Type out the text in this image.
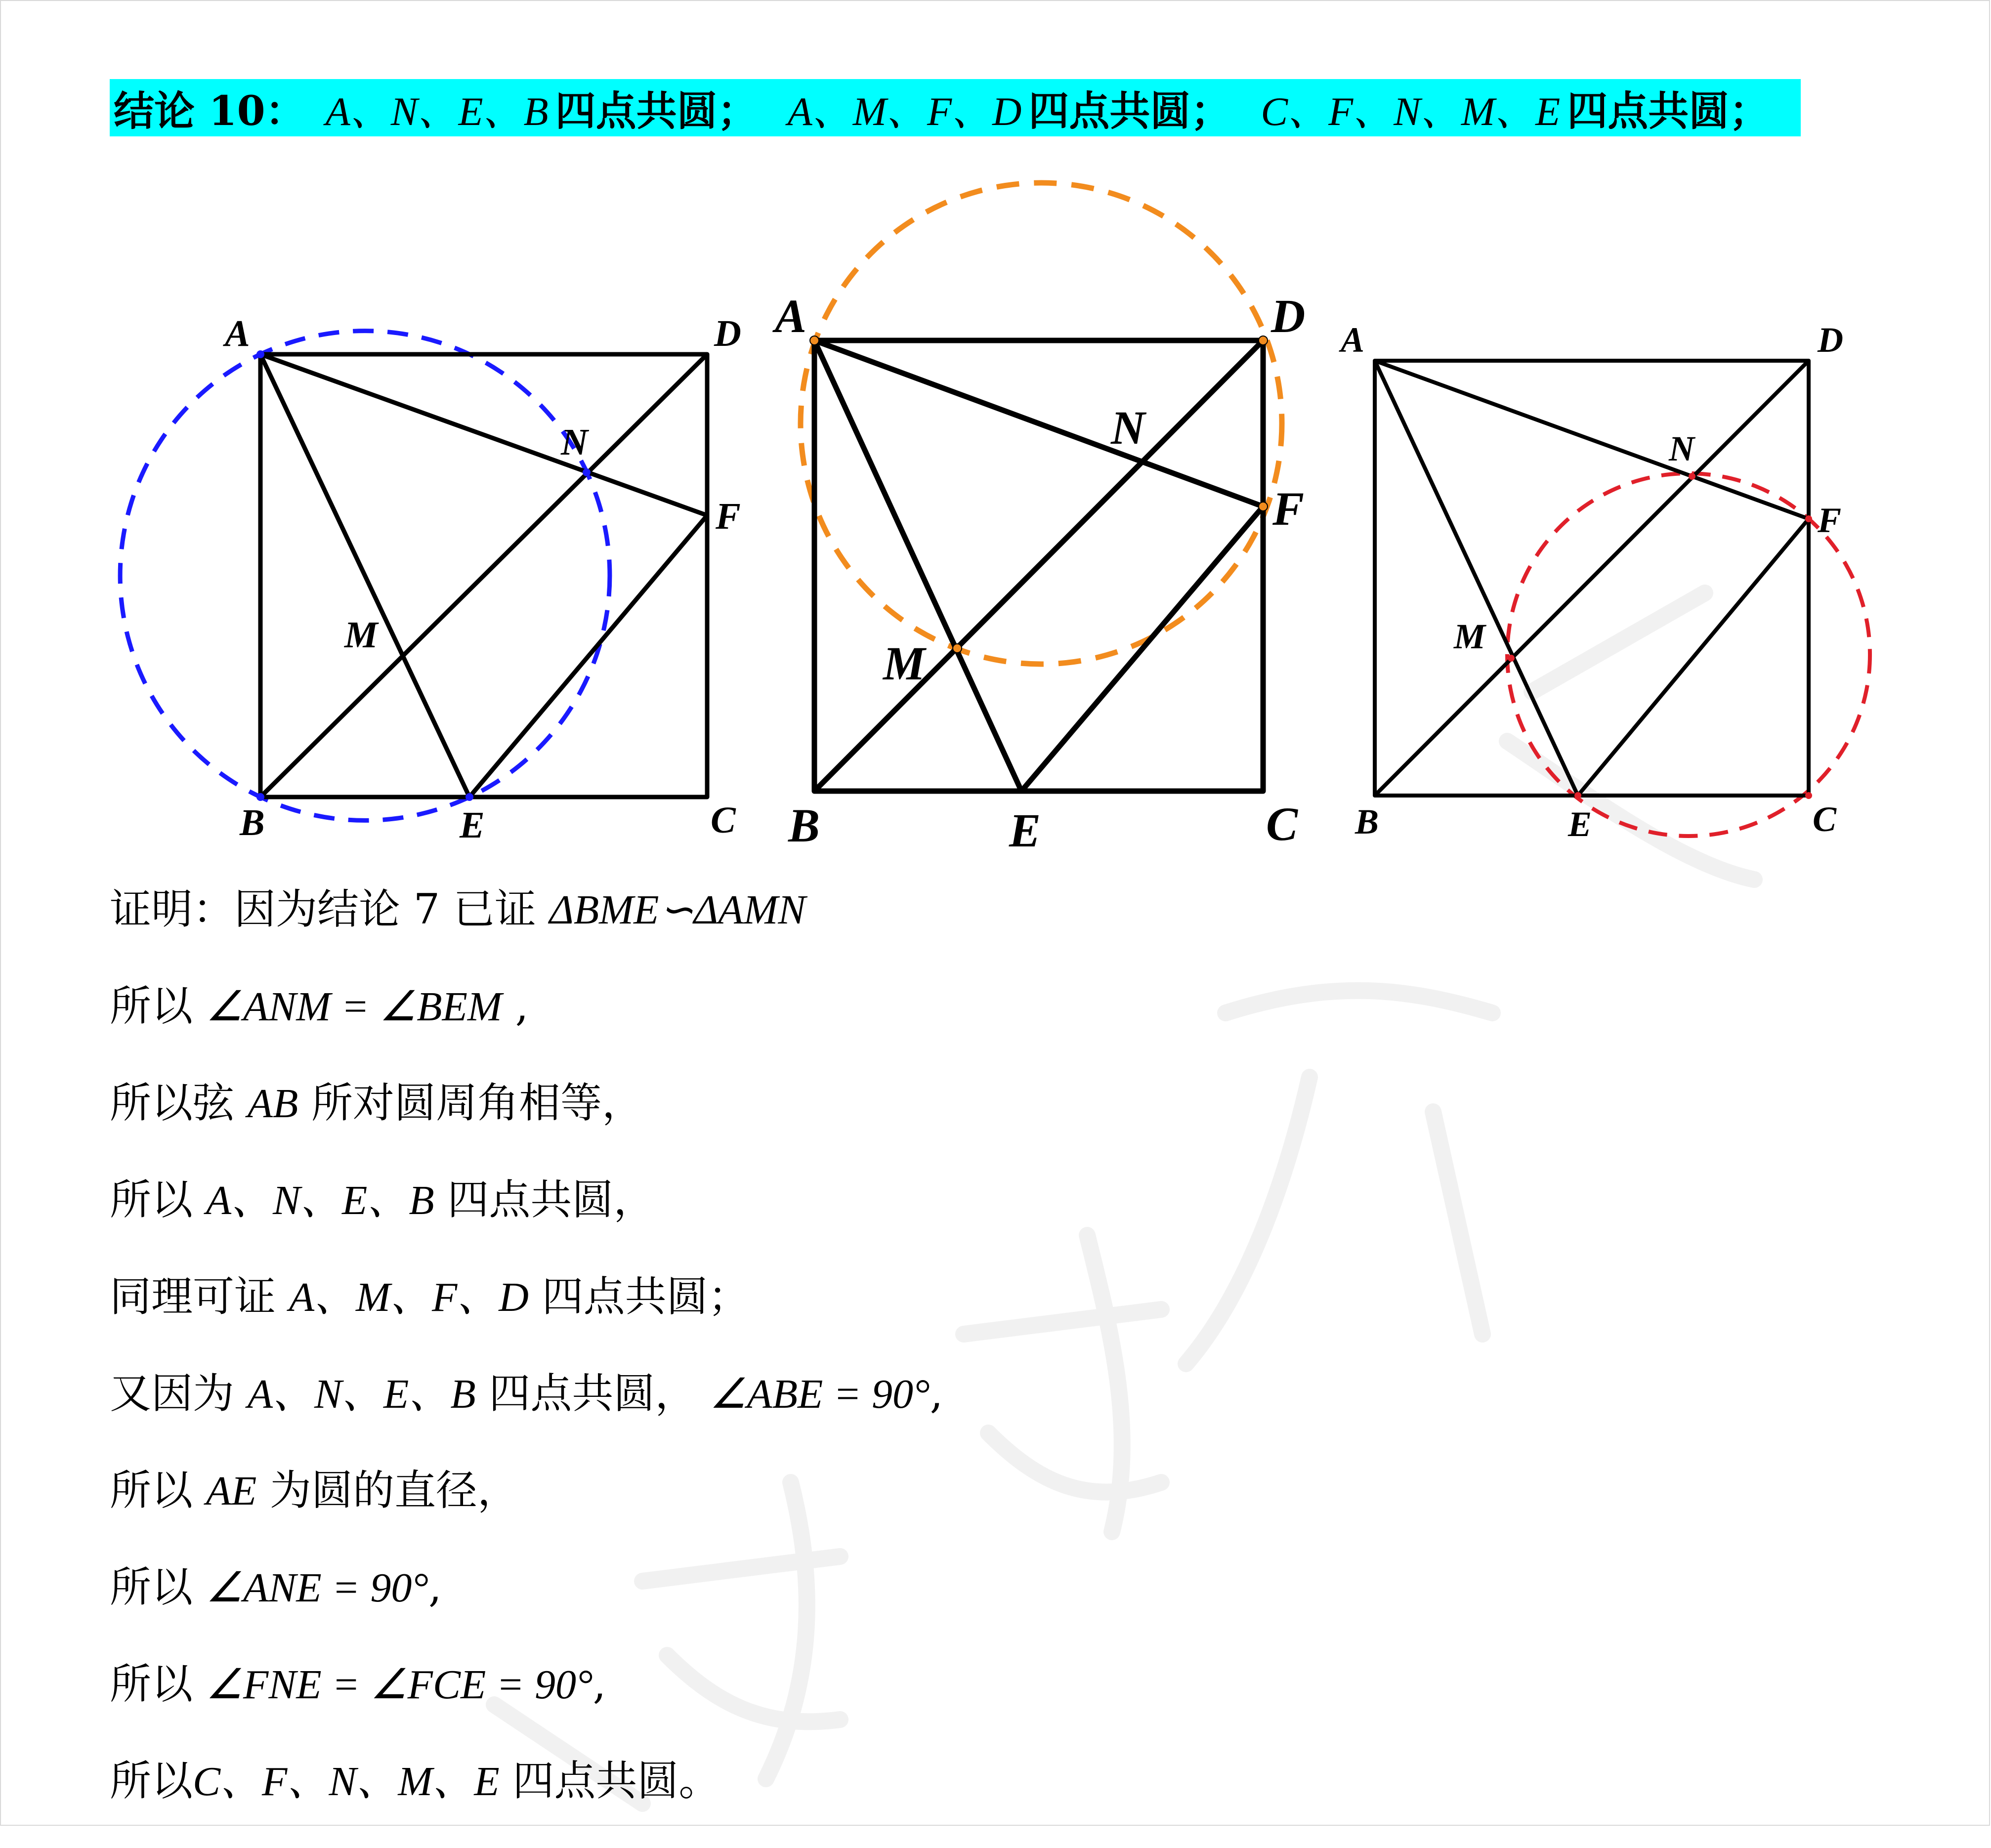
结论 10： A、N、E、B 四点共圆； A、M、F、D 四点共圆； C、F、N、M、E 四点共圆；
A	D
N
F
M
B	E	C
A	D
N
F
M
B	E	C
A	D
N
F
M
B	E	C
证明：因为结论 7 已证 ΔBME∽ΔAMN
所以 ∠ANM = ∠BEM ,
所以弦 AB 所对圆周角相等，
所以 A、N、E、B 四点共圆，
同理可证 A、M、F、D 四点共圆；
又因为 A、N、E、B 四点共圆， ∠ABE = 90°,
所以 AE 为圆的直径，
所以 ∠ANE = 90°,
所以 ∠FNE = ∠FCE = 90°,
所以C、F、N、M、E 四点共圆。
